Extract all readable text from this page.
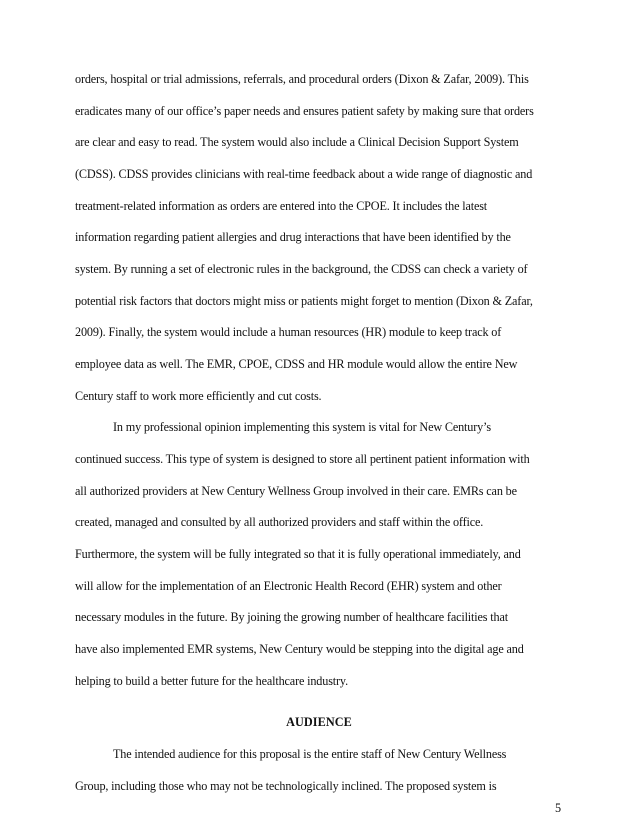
orders, hospital or trial admissions, referrals, and procedural orders (Dixon & Zafar, 2009). This
eradicates many of our office’s paper needs and ensures patient safety by making sure that orders
are clear and easy to read. The system would also include a Clinical Decision Support System
(CDSS). CDSS provides clinicians with real-time feedback about a wide range of diagnostic and
treatment-related information as orders are entered into the CPOE. It includes the latest
information regarding patient allergies and drug interactions that have been identified by the
system. By running a set of electronic rules in the background, the CDSS can check a variety of
potential risk factors that doctors might miss or patients might forget to mention (Dixon & Zafar,
2009). Finally, the system would include a human resources (HR) module to keep track of
employee data as well. The EMR, CPOE, CDSS and HR module would allow the entire New
Century staff to work more efficiently and cut costs.
In my professional opinion implementing this system is vital for New Century’s
continued success. This type of system is designed to store all pertinent patient information with
all authorized providers at New Century Wellness Group involved in their care. EMRs can be
created, managed and consulted by all authorized providers and staff within the office.
Furthermore, the system will be fully integrated so that it is fully operational immediately, and
will allow for the implementation of an Electronic Health Record (EHR) system and other
necessary modules in the future. By joining the growing number of healthcare facilities that
have also implemented EMR systems, New Century would be stepping into the digital age and
helping to build a better future for the healthcare industry.
AUDIENCE
The intended audience for this proposal is the entire staff of New Century Wellness
Group, including those who may not be technologically inclined. The proposed system is
5
